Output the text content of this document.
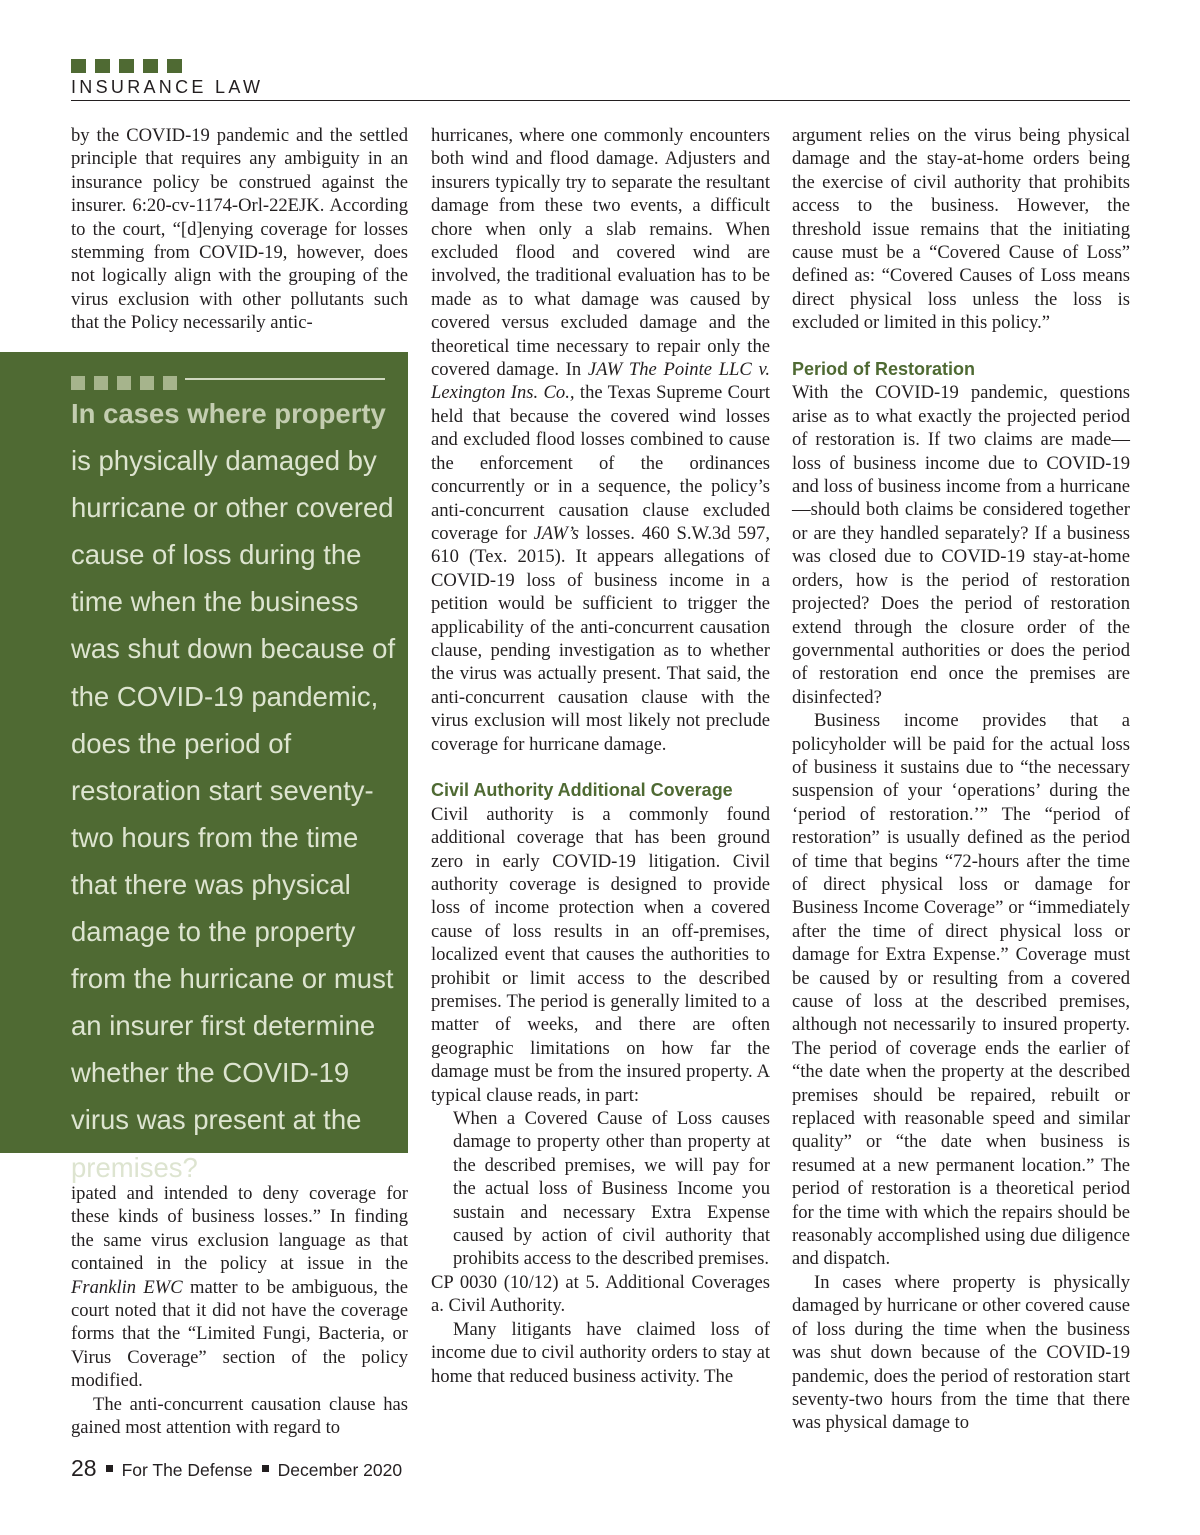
INSURANCE LAW

by the COVID-19 pandemic and the settled principle that requires any ambiguity in an insurance policy be construed against the insurer. 6:20-cv-1174-Orl-22EJK. According to the court, “[d]enying coverage for losses stemming from COVID-19, however, does not logically align with the grouping of the virus exclusion with other pollutants such that the Policy necessarily antic-

In cases where property is physically damaged by hurricane or other covered cause of loss during the time when the business was shut down because of the COVID-19 pandemic, does the period of restoration start seventy-two hours from the time that there was physical damage to the property from the hurricane or must an insurer first determine whether the COVID-19 virus was present at the premises?

ipated and intended to deny coverage for these kinds of business losses.” In finding the same virus exclusion language as that contained in the policy at issue in the Franklin EWC matter to be ambiguous, the court noted that it did not have the coverage forms that the “Limited Fungi, Bacteria, or Virus Coverage” section of the policy modified.

The anti-concurrent causation clause has gained most attention with regard to

hurricanes, where one commonly encounters both wind and flood damage. Adjusters and insurers typically try to separate the resultant damage from these two events, a difficult chore when only a slab remains. When excluded flood and covered wind are involved, the traditional evaluation has to be made as to what damage was caused by covered versus excluded damage and the theoretical time necessary to repair only the covered damage. In JAW The Pointe LLC v. Lexington Ins. Co., the Texas Supreme Court held that because the covered wind losses and excluded flood losses combined to cause the enforcement of the ordinances concurrently or in a sequence, the policy’s anti-concurrent causation clause excluded coverage for JAW’s losses. 460 S.W.3d 597, 610 (Tex. 2015). It appears allegations of COVID-19 loss of business income in a petition would be sufficient to trigger the applicability of the anti-concurrent causation clause, pending investigation as to whether the virus was actually present. That said, the anti-concurrent causation clause with the virus exclusion will most likely not preclude coverage for hurricane damage.

Civil Authority Additional Coverage

Civil authority is a commonly found additional coverage that has been ground zero in early COVID-19 litigation. Civil authority coverage is designed to provide loss of income protection when a covered cause of loss results in an off-premises, localized event that causes the authorities to prohibit or limit access to the described premises. The period is generally limited to a matter of weeks, and there are often geographic limitations on how far the damage must be from the insured property. A typical clause reads, in part:

When a Covered Cause of Loss causes damage to property other than property at the described premises, we will pay for the actual loss of Business Income you sustain and necessary Extra Expense caused by action of civil authority that prohibits access to the described premises.

CP 0030 (10/12) at 5. Additional Coverages a. Civil Authority.

Many litigants have claimed loss of income due to civil authority orders to stay at home that reduced business activity. The

argument relies on the virus being physical damage and the stay-at-home orders being the exercise of civil authority that prohibits access to the business. However, the threshold issue remains that the initiating cause must be a “Covered Cause of Loss” defined as: “Covered Causes of Loss means direct physical loss unless the loss is excluded or limited in this policy.”

Period of Restoration

With the COVID-19 pandemic, questions arise as to what exactly the projected period of restoration is. If two claims are made—loss of business income due to COVID-19 and loss of business income from a hurricane—should both claims be considered together or are they handled separately? If a business was closed due to COVID-19 stay-at-home orders, how is the period of restoration projected? Does the period of restoration extend through the closure order of the governmental authorities or does the period of restoration end once the premises are disinfected?

Business income provides that a policyholder will be paid for the actual loss of business it sustains due to “the necessary suspension of your ‘operations’ during the ‘period of restoration.’” The “period of restoration” is usually defined as the period of time that begins “72-hours after the time of direct physical loss or damage for Business Income Coverage” or “immediately after the time of direct physical loss or damage for Extra Expense.” Coverage must be caused by or resulting from a covered cause of loss at the described premises, although not necessarily to insured property. The period of coverage ends the earlier of “the date when the property at the described premises should be repaired, rebuilt or replaced with reasonable speed and similar quality” or “the date when business is resumed at a new permanent location.” The period of restoration is a theoretical period for the time with which the repairs should be reasonably accomplished using due diligence and dispatch.

In cases where property is physically damaged by hurricane or other covered cause of loss during the time when the business was shut down because of the COVID-19 pandemic, does the period of restoration start seventy-two hours from the time that there was physical damage to

28 For The Defense December 2020
